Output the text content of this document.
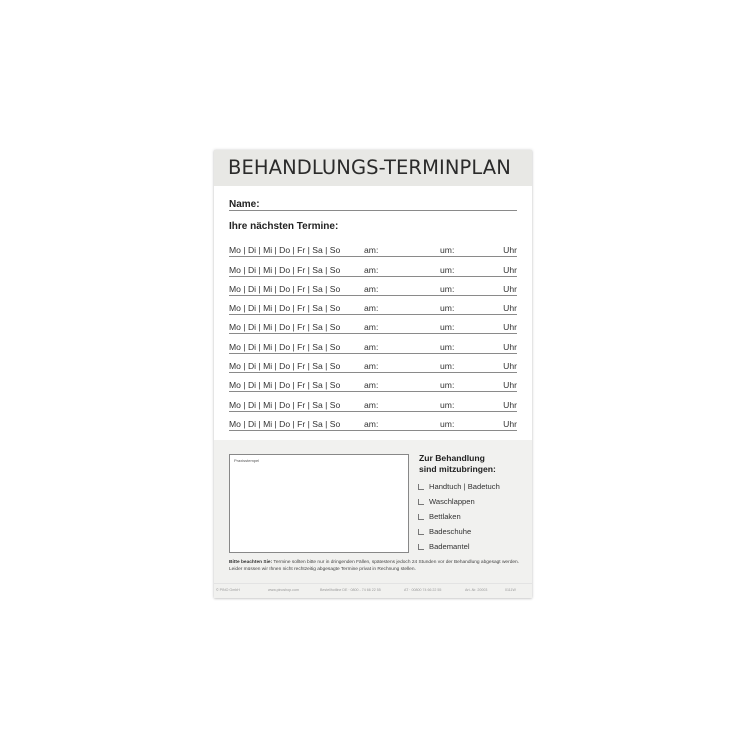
BEHANDLUNGS-TERMINPLAN
Name:
Ihre nächsten Termine:
Mo | Di | Mi | Do | Fr | Sa | So	am:	um:	Uhr
Mo | Di | Mi | Do | Fr | Sa | So	am:	um:	Uhr
Mo | Di | Mi | Do | Fr | Sa | So	am:	um:	Uhr
Mo | Di | Mi | Do | Fr | Sa | So	am:	um:	Uhr
Mo | Di | Mi | Do | Fr | Sa | So	am:	um:	Uhr
Mo | Di | Mi | Do | Fr | Sa | So	am:	um:	Uhr
Mo | Di | Mi | Do | Fr | Sa | So	am:	um:	Uhr
Mo | Di | Mi | Do | Fr | Sa | So	am:	um:	Uhr
Mo | Di | Mi | Do | Fr | Sa | So	am:	um:	Uhr
Mo | Di | Mi | Do | Fr | Sa | So	am:	um:	Uhr
Praxisstempel	Zur Behandlung
sind mitzubringen:
Handtuch | Badetuch
Waschlappen
Bettlaken
Badeschuhe
Bademantel
Bitte beachten Sie: Termine sollten bitte nur in dringenden Fällen, spätestens jedoch 24 Stunden vor der Behandlung abgesagt werden. Leider müssen wir Ihnen nicht rechtzeitig abgesagte Termine privat in Rechnung stellen.
© PINO GmbH	www.pinoshop.com	Bestellhotline DE · 0800 - 74 66 22 55	AT · 00800 74 66 22 55	Art.-Nr. 20003	0111W
